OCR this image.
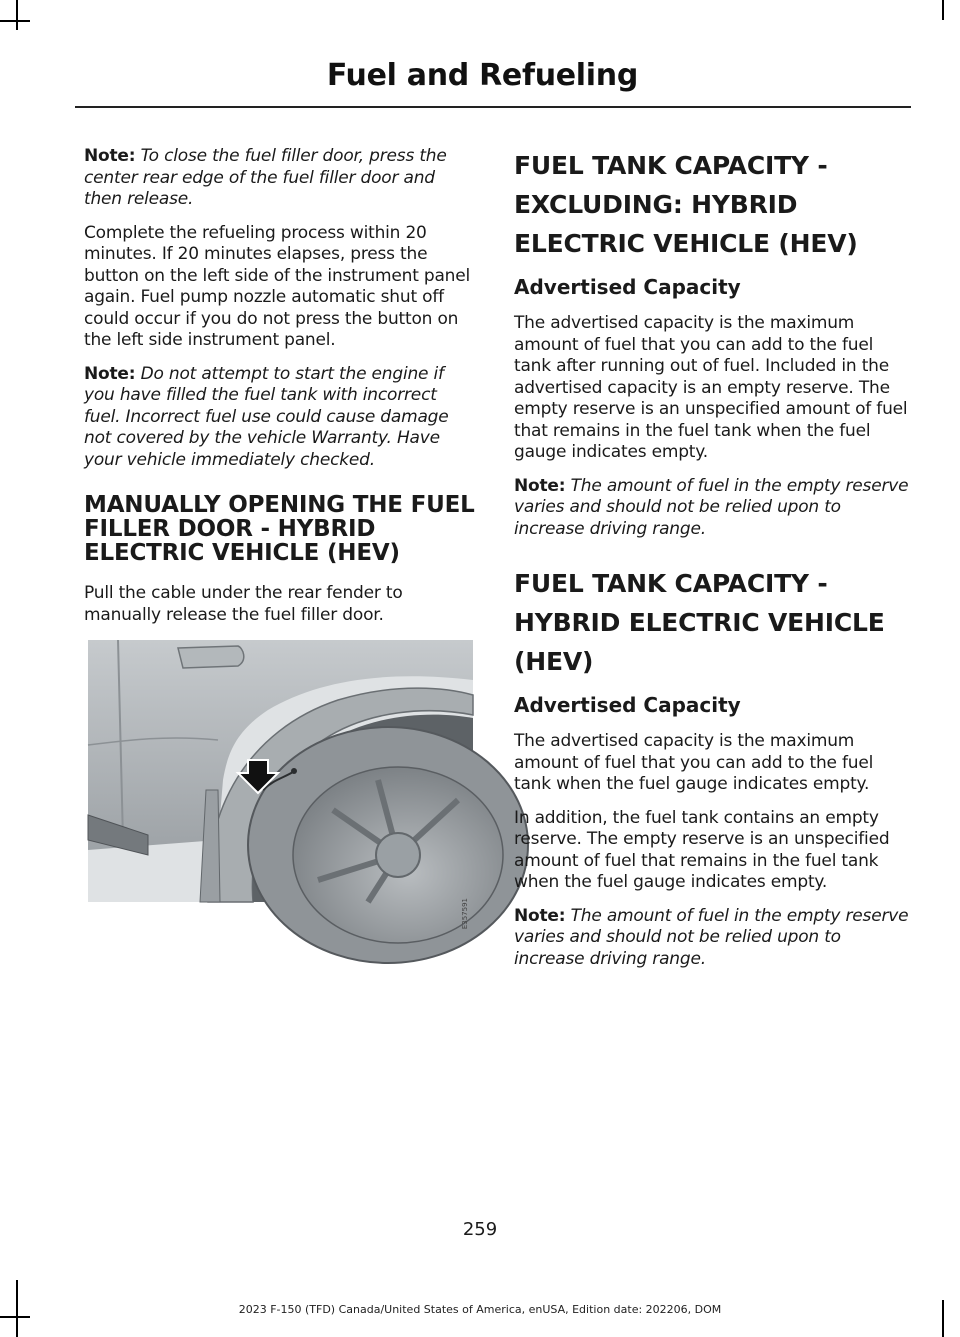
Fuel and Refueling

Note: To close the fuel filler door, press the center rear edge of the fuel filler door and then release.

Complete the refueling process within 20 minutes. If 20 minutes elapses, press the button on the left side of the instrument panel again. Fuel pump nozzle automatic shut off could occur if you do not press the button on the left side instrument panel.

Note: Do not attempt to start the engine if you have filled the fuel tank with incorrect fuel. Incorrect fuel use could cause damage not covered by the vehicle Warranty. Have your vehicle immediately checked.

MANUALLY OPENING THE FUEL FILLER DOOR - HYBRID ELECTRIC VEHICLE (HEV)

Pull the cable under the rear fender to manually release the fuel filler door.

E357591
FUEL TANK CAPACITY - EXCLUDING: HYBRID ELECTRIC VEHICLE (HEV)
Advertised Capacity

The advertised capacity is the maximum amount of fuel that you can add to the fuel tank after running out of fuel. Included in the advertised capacity is an empty reserve. The empty reserve is an unspecified amount of fuel that remains in the fuel tank when the fuel gauge indicates empty.

Note: The amount of fuel in the empty reserve varies and should not be relied upon to increase driving range.

FUEL TANK CAPACITY - HYBRID ELECTRIC VEHICLE (HEV)
Advertised Capacity

The advertised capacity is the maximum amount of fuel that you can add to the fuel tank when the fuel gauge indicates empty.

In addition, the fuel tank contains an empty reserve. The empty reserve is an unspecified amount of fuel that remains in the fuel tank when the fuel gauge indicates empty.

Note: The amount of fuel in the empty reserve varies and should not be relied upon to increase driving range.

259
2023 F-150 (TFD) Canada/United States of America, enUSA, Edition date: 202206, DOM
